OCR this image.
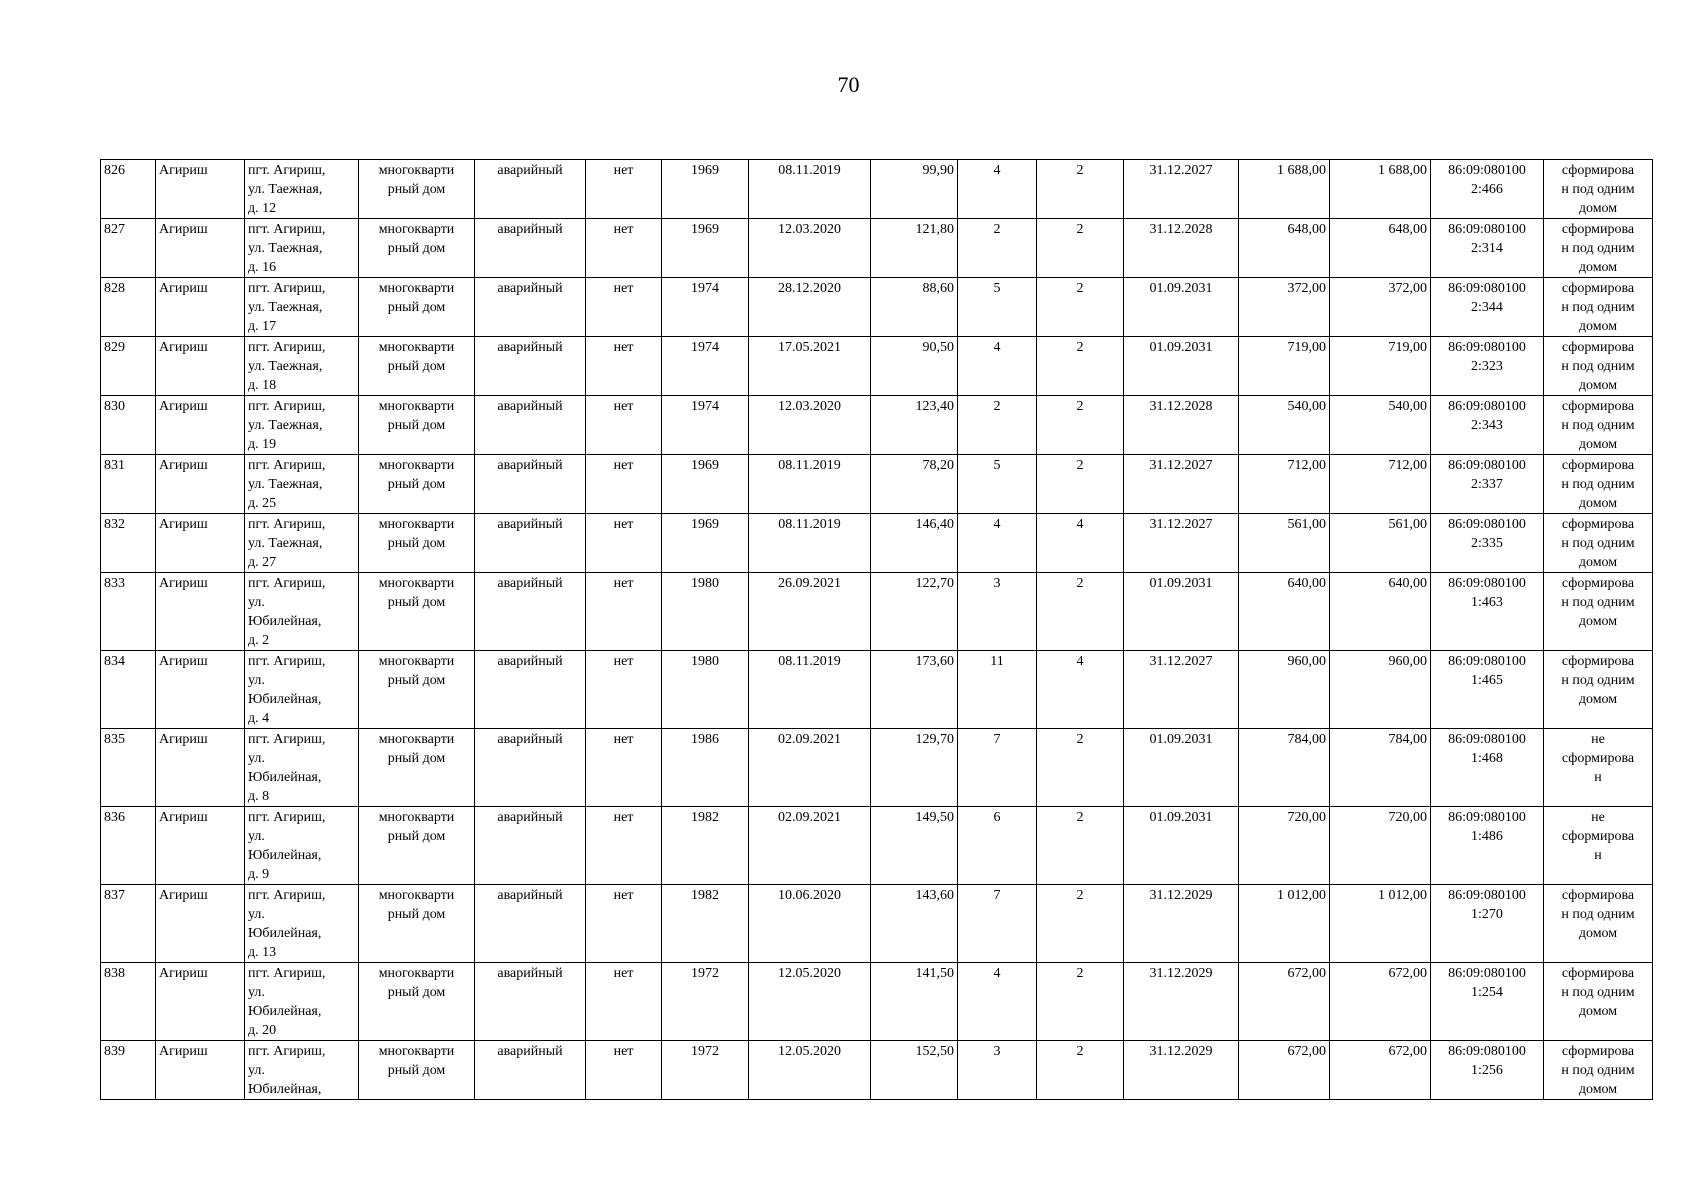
70
826	Агириш	пгт. Агириш,
ул. Таежная,
д. 12	многокварти
рный дом	аварийный	нет	1969	08.11.2019	99,90	4	2	31.12.2027	1 688,00	1 688,00	86:09:080100
2:466	сформирова
н под одним
домом

827	Агириш	пгт. Агириш,
ул. Таежная,
д. 16	многокварти
рный дом	аварийный	нет	1969	12.03.2020	121,80	2	2	31.12.2028	648,00	648,00	86:09:080100
2:314	сформирова
н под одним
домом

828	Агириш	пгт. Агириш,
ул. Таежная,
д. 17	многокварти
рный дом	аварийный	нет	1974	28.12.2020	88,60	5	2	01.09.2031	372,00	372,00	86:09:080100
2:344	сформирова
н под одним
домом

829	Агириш	пгт. Агириш,
ул. Таежная,
д. 18	многокварти
рный дом	аварийный	нет	1974	17.05.2021	90,50	4	2	01.09.2031	719,00	719,00	86:09:080100
2:323	сформирова
н под одним
домом

830	Агириш	пгт. Агириш,
ул. Таежная,
д. 19	многокварти
рный дом	аварийный	нет	1974	12.03.2020	123,40	2	2	31.12.2028	540,00	540,00	86:09:080100
2:343	сформирова
н под одним
домом

831	Агириш	пгт. Агириш,
ул. Таежная,
д. 25	многокварти
рный дом	аварийный	нет	1969	08.11.2019	78,20	5	2	31.12.2027	712,00	712,00	86:09:080100
2:337	сформирова
н под одним
домом

832	Агириш	пгт. Агириш,
ул. Таежная,
д. 27	многокварти
рный дом	аварийный	нет	1969	08.11.2019	146,40	4	4	31.12.2027	561,00	561,00	86:09:080100
2:335	сформирова
н под одним
домом

833	Агириш	пгт. Агириш,
ул.
Юбилейная,
д. 2	многокварти
рный дом	аварийный	нет	1980	26.09.2021	122,70	3	2	01.09.2031	640,00	640,00	86:09:080100
1:463	сформирова
н под одним
домом

834	Агириш	пгт. Агириш,
ул.
Юбилейная,
д. 4	многокварти
рный дом	аварийный	нет	1980	08.11.2019	173,60	11	4	31.12.2027	960,00	960,00	86:09:080100
1:465	сформирова
н под одним
домом

835	Агириш	пгт. Агириш,
ул.
Юбилейная,
д. 8	многокварти
рный дом	аварийный	нет	1986	02.09.2021	129,70	7	2	01.09.2031	784,00	784,00	86:09:080100
1:468	не
сформирова
н

836	Агириш	пгт. Агириш,
ул.
Юбилейная,
д. 9	многокварти
рный дом	аварийный	нет	1982	02.09.2021	149,50	6	2	01.09.2031	720,00	720,00	86:09:080100
1:486	не
сформирова
н

837	Агириш	пгт. Агириш,
ул.
Юбилейная,
д. 13	многокварти
рный дом	аварийный	нет	1982	10.06.2020	143,60	7	2	31.12.2029	1 012,00	1 012,00	86:09:080100
1:270	сформирова
н под одним
домом

838	Агириш	пгт. Агириш,
ул.
Юбилейная,
д. 20	многокварти
рный дом	аварийный	нет	1972	12.05.2020	141,50	4	2	31.12.2029	672,00	672,00	86:09:080100
1:254	сформирова
н под одним
домом

839	Агириш	пгт. Агириш,
ул.
Юбилейная,	многокварти
рный дом	аварийный	нет	1972	12.05.2020	152,50	3	2	31.12.2029	672,00	672,00	86:09:080100
1:256	сформирова
н под одним
домом
